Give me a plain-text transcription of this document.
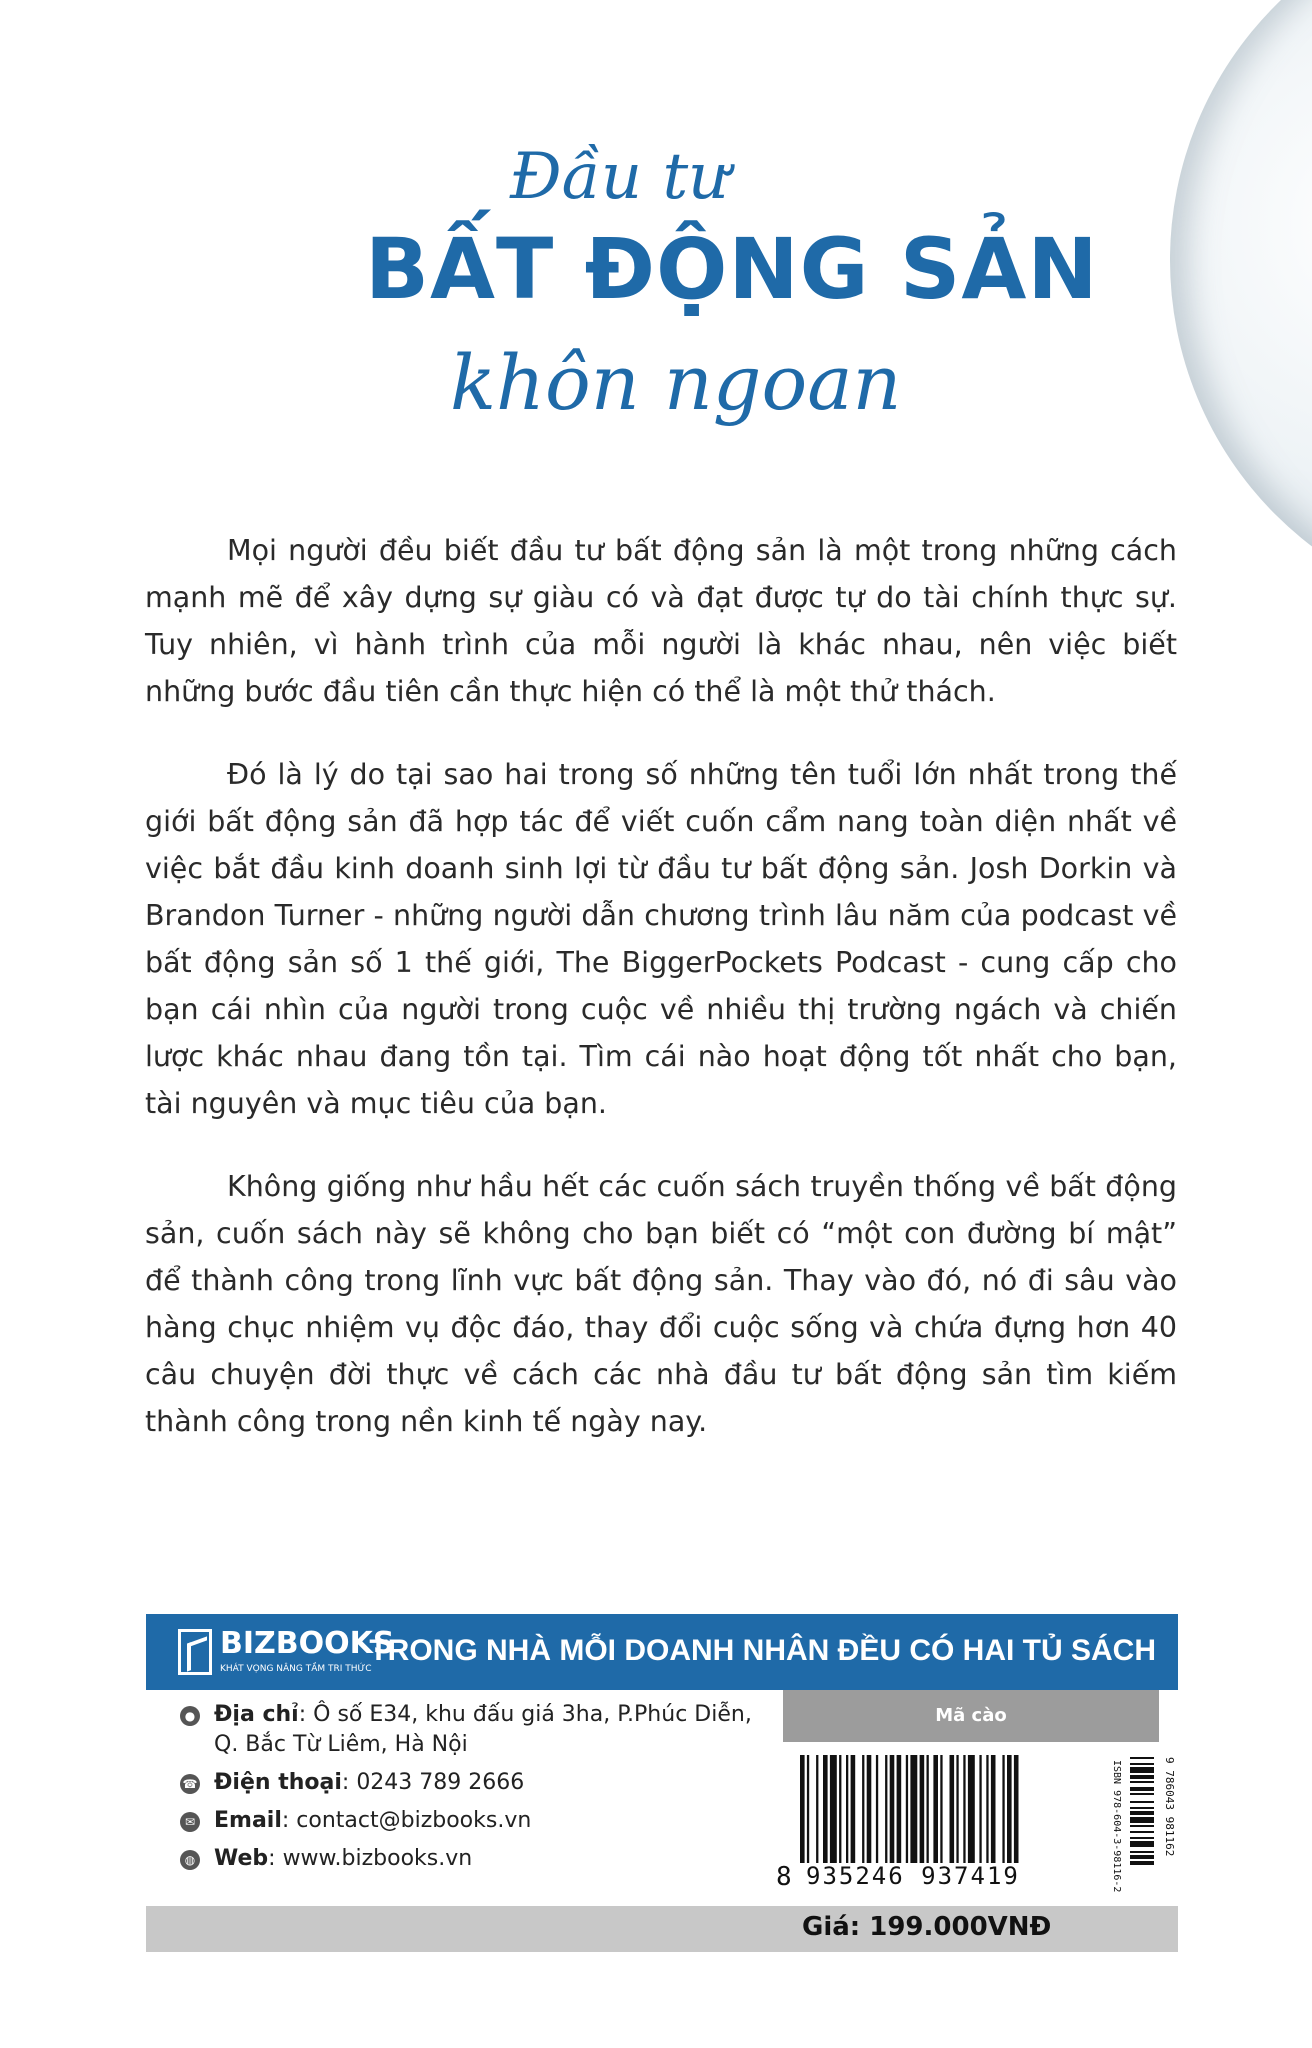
Đầu tư
BẤT ĐỘNG SẢN
khôn ngoan

Mọi người đều biết đầu tư bất động sản là một trong những cách mạnh mẽ để xây dựng sự giàu có và đạt được tự do tài chính thực sự. Tuy nhiên, vì hành trình của mỗi người là khác nhau, nên việc biết những bước đầu tiên cần thực hiện có thể là một thử thách.

Đó là lý do tại sao hai trong số những tên tuổi lớn nhất trong thế giới bất động sản đã hợp tác để viết cuốn cẩm nang toàn diện nhất về việc bắt đầu kinh doanh sinh lợi từ đầu tư bất động sản. Josh Dorkin và Brandon Turner - những người dẫn chương trình lâu năm của podcast về bất động sản số 1 thế giới, The BiggerPockets Podcast - cung cấp cho bạn cái nhìn của người trong cuộc về nhiều thị trường ngách và chiến lược khác nhau đang tồn tại. Tìm cái nào hoạt động tốt nhất cho bạn, tài nguyên và mục tiêu của bạn.

Không giống như hầu hết các cuốn sách truyền thống về bất động sản, cuốn sách này sẽ không cho bạn biết có “một con đường bí mật” để thành công trong lĩnh vực bất động sản. Thay vào đó, nó đi sâu vào hàng chục nhiệm vụ độc đáo, thay đổi cuộc sống và chứa đựng hơn 40 câu chuyện đời thực về cách các nhà đầu tư bất động sản tìm kiếm thành công trong nền kinh tế ngày nay.

BIZBOOKS
KHÁT VỌNG NÂNG TẦM TRI THỨC
TRONG NHÀ MỖI DOANH NHÂN ĐỀU CÓ HAI TỦ SÁCH
● Địa chỉ: Ô số E34, khu đấu giá 3ha, P.Phúc Diễn,
Q. Bắc Từ Liêm, Hà Nội
☎ Điện thoại: 0243 789 2666
✉ Email: contact@bizbooks.vn
◍ Web: www.bizbooks.vn
Mã cào
8 935246 937419	ISBN 978-604-3-98116-2	9 786043 981162
Giá: 199.000VNĐ
